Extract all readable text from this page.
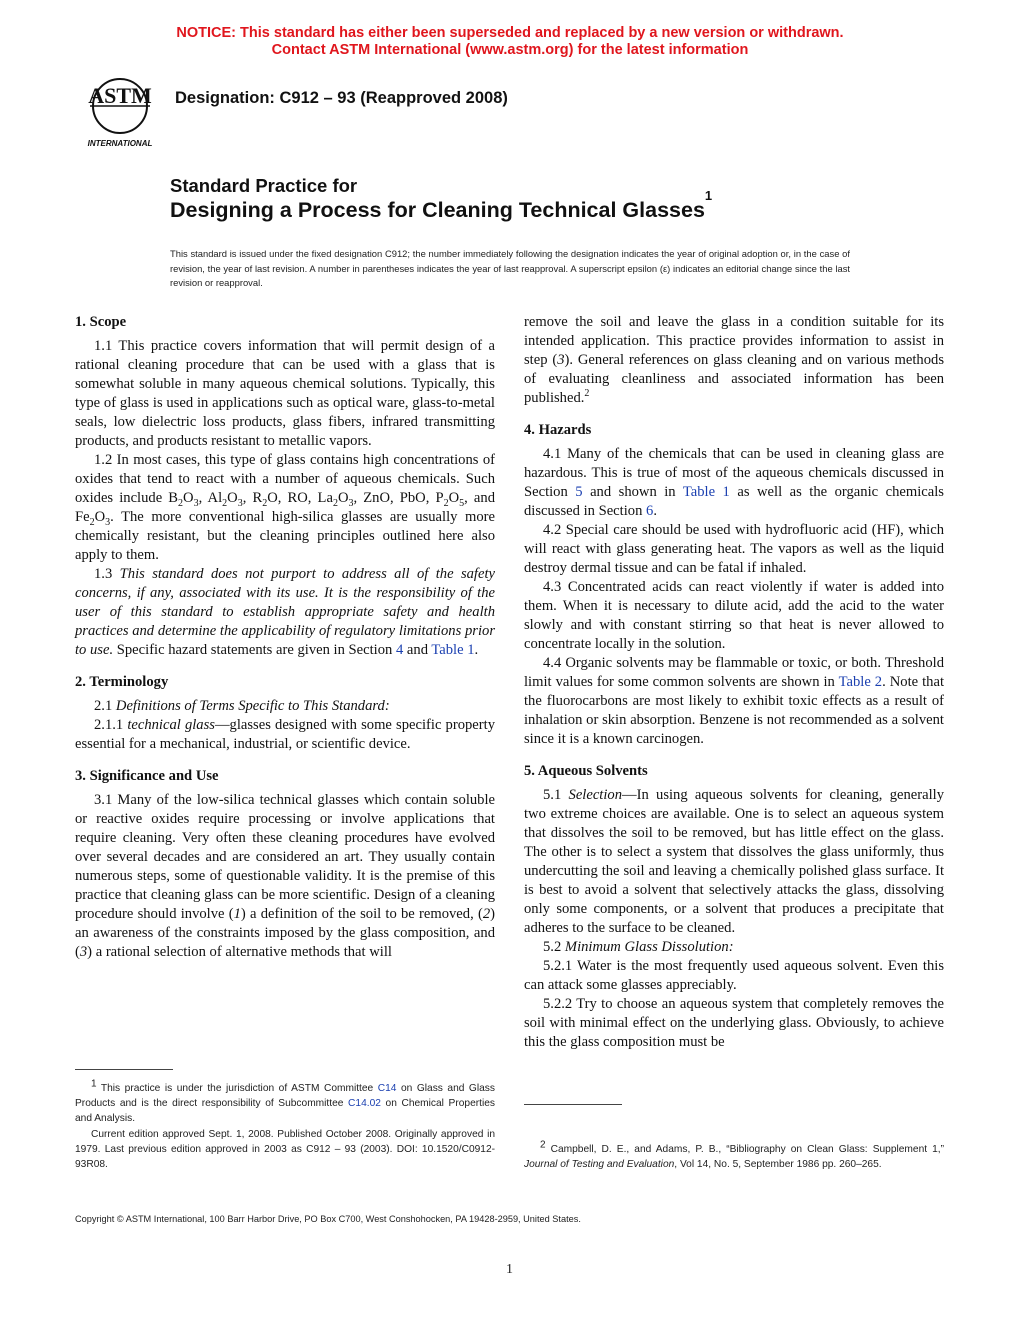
NOTICE: This standard has either been superseded and replaced by a new version or withdrawn.
Contact ASTM International (www.astm.org) for the latest information
ASTM
INTERNATIONAL
Designation: C912 – 93 (Reapproved 2008)
Standard Practice for
Designing a Process for Cleaning Technical Glasses$^1$
This standard is issued under the fixed designation C912; the number immediately following the designation indicates the year of original adoption or, in the case of revision, the year of last revision. A number in parentheses indicates the year of last reapproval. A superscript epsilon (ε) indicates an editorial change since the last revision or reapproval.
1. Scope

1.1 This practice covers information that will permit design of a rational cleaning procedure that can be used with a glass that is somewhat soluble in many aqueous chemical solutions. Typically, this type of glass is used in applications such as optical ware, glass-to-metal seals, low dielectric loss products, glass fibers, infrared transmitting products, and products resistant to metallic vapors.

1.2 In most cases, this type of glass contains high concentrations of oxides that tend to react with a number of aqueous chemicals. Such oxides include $B_2O_3$, $Al_2O_3$, $R_2O$, RO, $La_2O_3$, ZnO, PbO, $P_2O_5$, and $Fe_2O_3$. The more conventional high-silica glasses are usually more chemically resistant, but the cleaning principles outlined here also apply to them.

1.3 This standard does not purport to address all of the safety concerns, if any, associated with its use. It is the responsibility of the user of this standard to establish appropriate safety and health practices and determine the applicability of regulatory limitations prior to use. Specific hazard statements are given in Section 4 and Table 1.

2. Terminology

2.1 Definitions of Terms Specific to This Standard:

2.1.1 technical glass—glasses designed with some specific property essential for a mechanical, industrial, or scientific device.

3. Significance and Use

3.1 Many of the low-silica technical glasses which contain soluble or reactive oxides require processing or involve applications that require cleaning. Very often these cleaning procedures have evolved over several decades and are considered an art. They usually contain numerous steps, some of questionable validity. It is the premise of this practice that cleaning glass can be more scientific. Design of a cleaning procedure should involve (1) a definition of the soil to be removed, (2) an awareness of the constraints imposed by the glass composition, and (3) a rational selection of alternative methods that will

$^1$ This practice is under the jurisdiction of ASTM Committee C14 on Glass and Glass Products and is the direct responsibility of Subcommittee C14.02 on Chemical Properties and Analysis.

Current edition approved Sept. 1, 2008. Published October 2008. Originally approved in 1979. Last previous edition approved in 2003 as C912 – 93 (2003). DOI: 10.1520/C0912-93R08.

remove the soil and leave the glass in a condition suitable for its intended application. This practice provides information to assist in step (3). General references on glass cleaning and on various methods of evaluating cleanliness and associated information has been published.$^2$

4. Hazards

4.1 Many of the chemicals that can be used in cleaning glass are hazardous. This is true of most of the aqueous chemicals discussed in Section 5 and shown in Table 1 as well as the organic chemicals discussed in Section 6.

4.2 Special care should be used with hydrofluoric acid (HF), which will react with glass generating heat. The vapors as well as the liquid destroy dermal tissue and can be fatal if inhaled.

4.3 Concentrated acids can react violently if water is added into them. When it is necessary to dilute acid, add the acid to the water slowly and with constant stirring so that heat is never allowed to concentrate locally in the solution.

4.4 Organic solvents may be flammable or toxic, or both. Threshold limit values for some common solvents are shown in Table 2. Note that the fluorocarbons are most likely to exhibit toxic effects as a result of inhalation or skin absorption. Benzene is not recommended as a solvent since it is a known carcinogen.

5. Aqueous Solvents

5.1 Selection—In using aqueous solvents for cleaning, generally two extreme choices are available. One is to select an aqueous system that dissolves the soil to be removed, but has little effect on the glass. The other is to select a system that dissolves the glass uniformly, thus undercutting the soil and leaving a chemically polished glass surface. It is best to avoid a solvent that selectively attacks the glass, dissolving only some components, or a solvent that produces a precipitate that adheres to the surface to be cleaned.

5.2 Minimum Glass Dissolution:

5.2.1 Water is the most frequently used aqueous solvent. Even this can attack some glasses appreciably.

5.2.2 Try to choose an aqueous system that completely removes the soil with minimal effect on the underlying glass. Obviously, to achieve this the glass composition must be

$^2$ Campbell, D. E., and Adams, P. B., “Bibliography on Clean Glass: Supplement 1,” Journal of Testing and Evaluation, Vol 14, No. 5, September 1986 pp. 260–265.

Copyright © ASTM International, 100 Barr Harbor Drive, PO Box C700, West Conshohocken, PA 19428-2959, United States.
1
